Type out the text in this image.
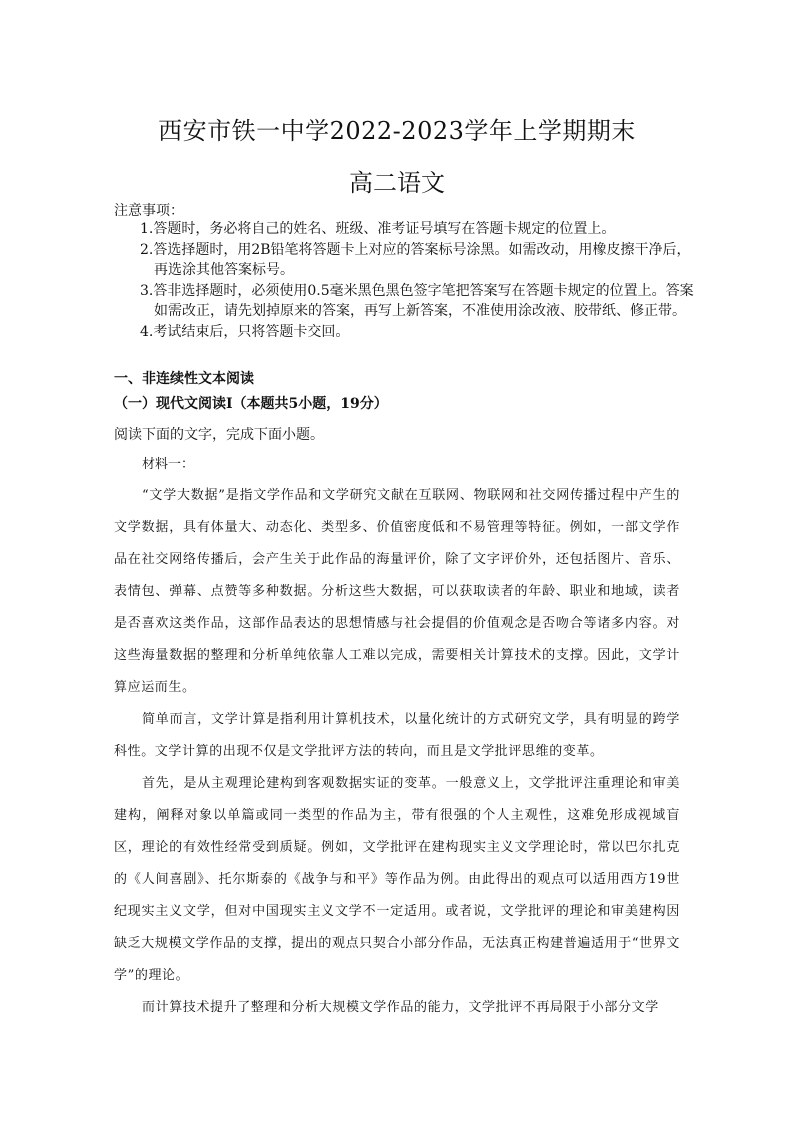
西安市铁一中学2022-2023学年上学期期末
高二语文
注意事项：
1.答题时，务必将自己的姓名、班级、准考证号填写在答题卡规定的位置上。
2.答选择题时，用2B铅笔将答题卡上对应的答案标号涂黑。如需改动，用橡皮擦干净后，再选涂其他答案标号。
3.答非选择题时，必须使用0.5毫米黑色黑色签字笔把答案写在答题卡规定的位置上。答案如需改正，请先划掉原来的答案，再写上新答案，不准使用涂改液、胶带纸、修正带。
4.考试结束后，只将答题卡交回。
一、非连续性文本阅读
（一）现代文阅读Ⅰ（本题共5小题，19分）
阅读下面的文字，完成下面小题。
材料一：

“文学大数据”是指文学作品和文学研究文献在互联网、物联网和社交网传播过程中产生的文学数据，具有体量大、动态化、类型多、价值密度低和不易管理等特征。例如，一部文学作品在社交网络传播后，会产生关于此作品的海量评价，除了文字评价外，还包括图片、音乐、表情包、弹幕、点赞等多种数据。分析这些大数据，可以获取读者的年龄、职业和地域，读者是否喜欢这类作品，这部作品表达的思想情感与社会提倡的价值观念是否吻合等诸多内容。对这些海量数据的整理和分析单纯依靠人工难以完成，需要相关计算技术的支撑。因此，文学计算应运而生。

简单而言，文学计算是指利用计算机技术，以量化统计的方式研究文学，具有明显的跨学科性。文学计算的出现不仅是文学批评方法的转向，而且是文学批评思维的变革。

首先，是从主观理论建构到客观数据实证的变革。一般意义上，文学批评注重理论和审美建构，阐释对象以单篇或同一类型的作品为主，带有很强的个人主观性，这难免形成视域盲区，理论的有效性经常受到质疑。例如，文学批评在建构现实主义文学理论时，常以巴尔扎克的《人间喜剧》、托尔斯泰的《战争与和平》等作品为例。由此得出的观点可以适用西方19世纪现实主义文学，但对中国现实主义文学不一定适用。或者说，文学批评的理论和审美建构因缺乏大规模文学作品的支撑，提出的观点只契合小部分作品，无法真正构建普遍适用于“世界文学”的理论。

而计算技术提升了整理和分析大规模文学作品的能力，文学批评不再局限于小部分文学
